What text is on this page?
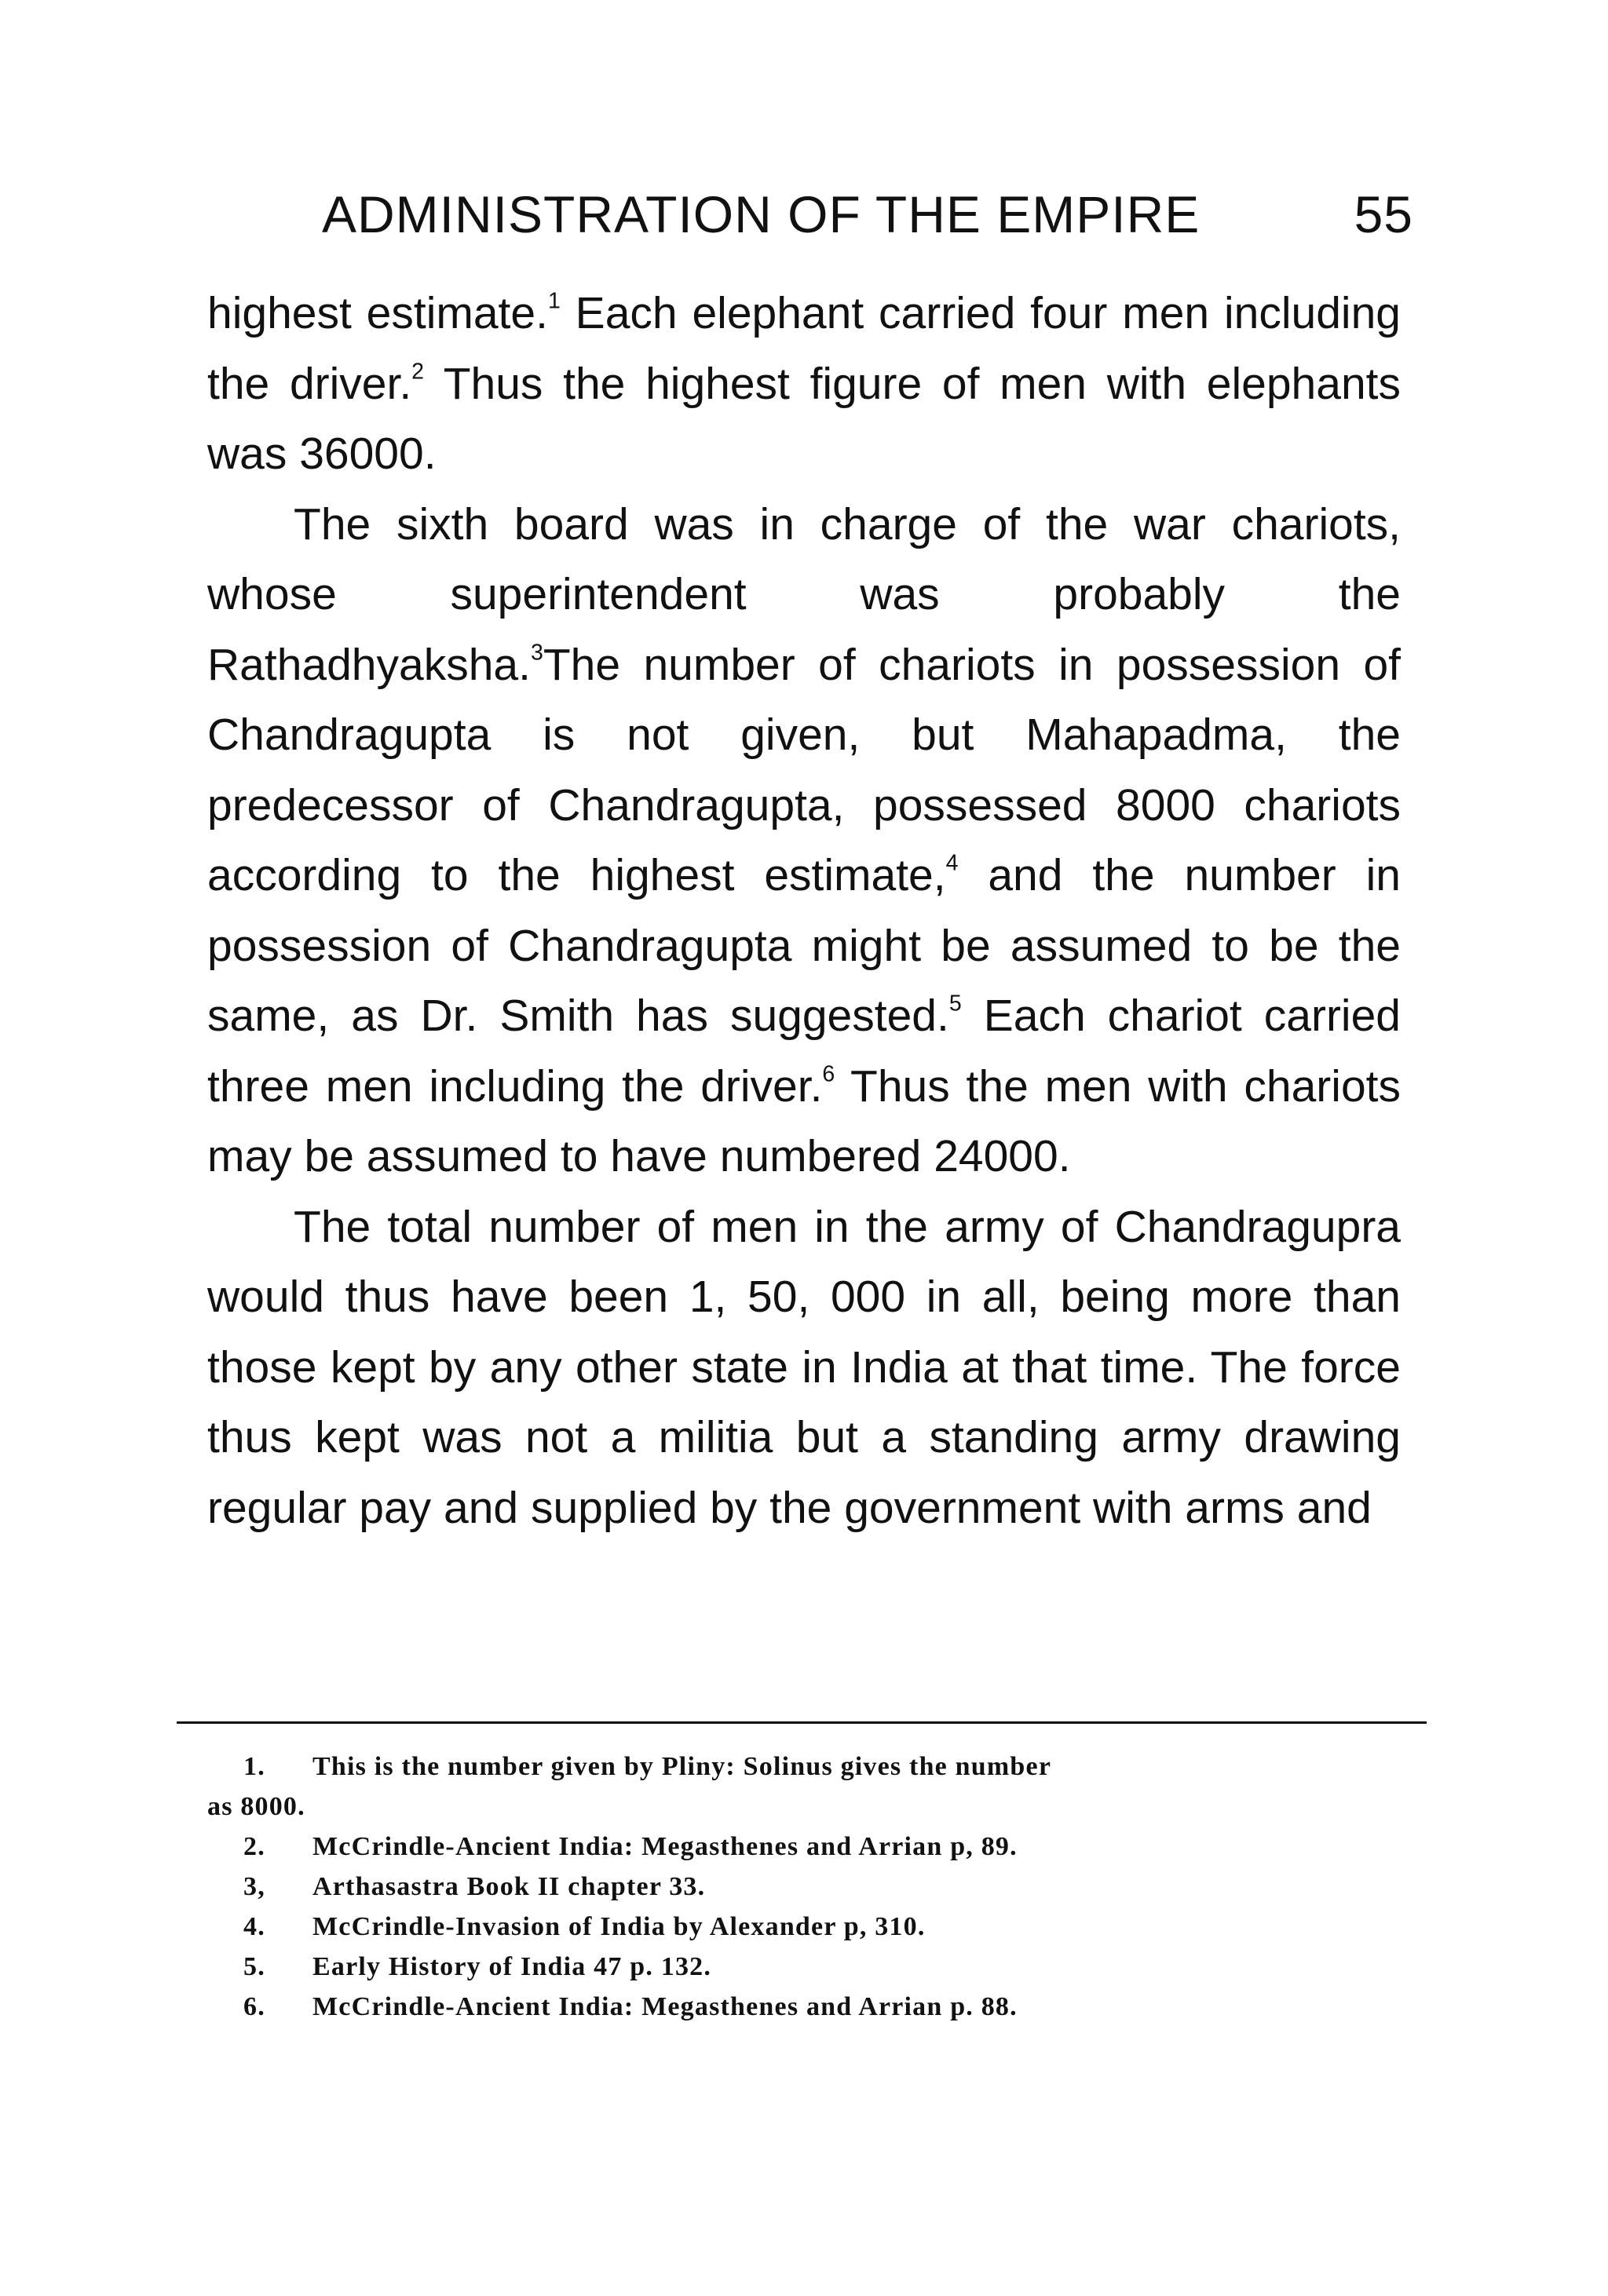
ADMINISTRATION OF THE EMPIRE	55

highest estimate.$^1$ Each elephant carried four men including the driver.$^2$ Thus the highest figure of men with elephants was 36000.

The sixth board was in charge of the war chariots, whose superintendent was probably the Rathadhyaksha.$^3$The number of chariots in possession of Chandragupta is not given, but Mahapadma, the predecessor of Chandragupta, possessed 8000 chariots according to the highest estimate,$^4$ and the number in possession of Chandragupta might be assumed to be the same, as Dr. Smith has suggested.$^5$ Each chariot carried three men including the driver.$^6$ Thus the men with chariots may be assumed to have numbered 24000.

The total number of men in the army of Chandragupra would thus have been 1, 50, 000 in all, being more than those kept by any other state in India at that time. The force thus kept was not a militia but a standing army drawing regular pay and supplied by the government with arms and

1. This is the number given by Pliny: Solinus gives the number

as 8000.

2. McCrindle-Ancient India: Megasthenes and Arrian p, 89.

3, Arthasastra Book II chapter 33.

4. McCrindle-Invasion of India by Alexander p, 310.

5. Early History of India 47 p. 132.

6. McCrindle-Ancient India: Megasthenes and Arrian p. 88.
